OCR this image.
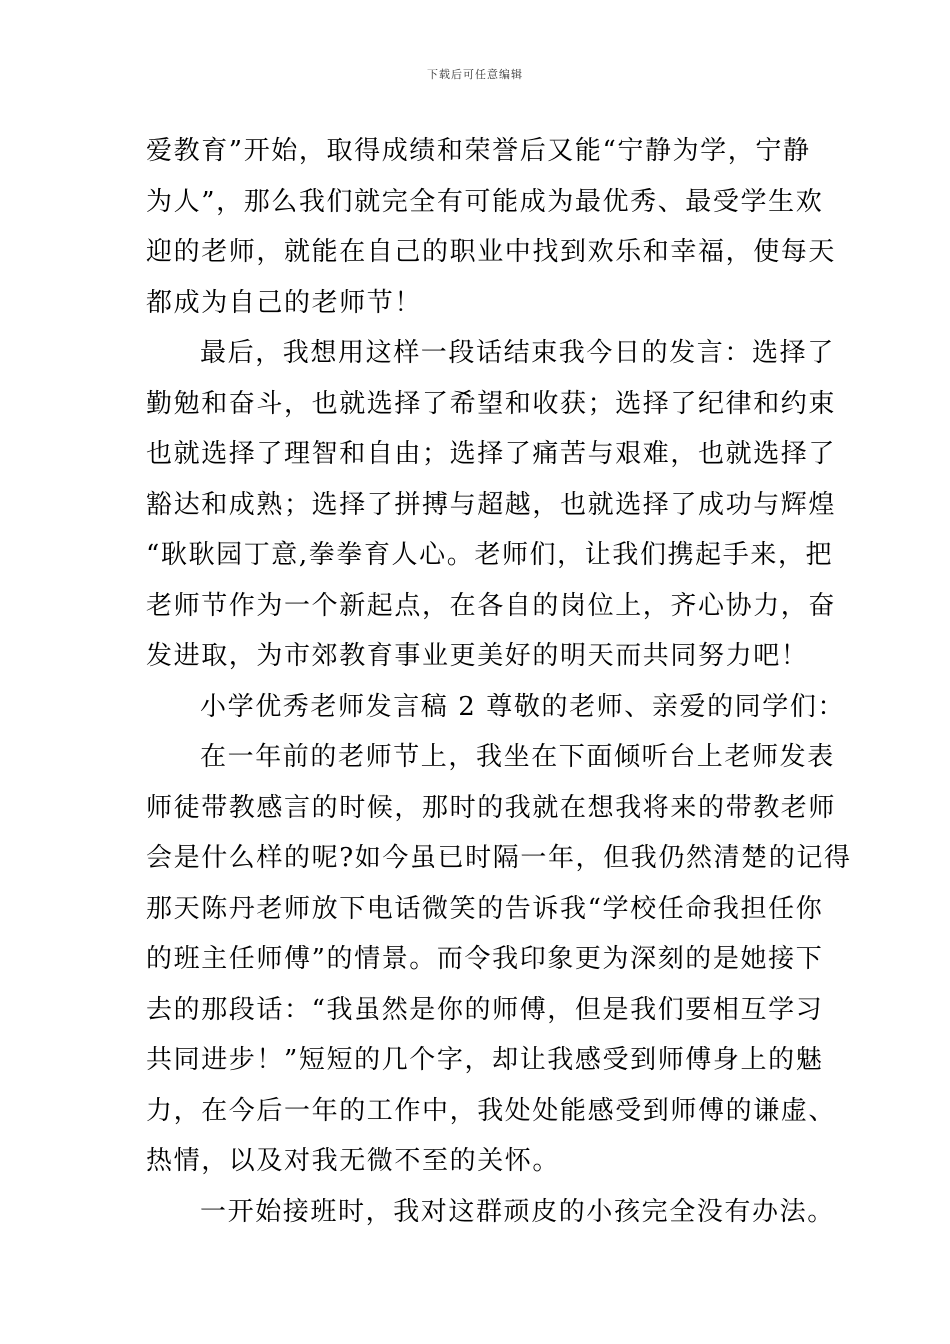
下载后可任意编辑
爱教育”开始，取得成绩和荣誉后又能“宁静为学，宁静
为人”，那么我们就完全有可能成为最优秀、最受学生欢
迎的老师，就能在自己的职业中找到欢乐和幸福，使每天
都成为自己的老师节！
最后，我想用这样一段话结束我今日的发言：选择了
勤勉和奋斗，也就选择了希望和收获；选择了纪律和约束
也就选择了理智和自由；选择了痛苦与艰难，也就选择了
豁达和成熟；选择了拼搏与超越，也就选择了成功与辉煌
“耿耿园丁意,拳拳育人心。老师们，让我们携起手来，把
老师节作为一个新起点，在各自的岗位上，齐心协力，奋
发进取，为市郊教育事业更美好的明天而共同努力吧！
小学优秀老师发言稿 2 尊敬的老师、亲爱的同学们：
在一年前的老师节上，我坐在下面倾听台上老师发表
师徒带教感言的时候，那时的我就在想我将来的带教老师
会是什么样的呢?如今虽已时隔一年，但我仍然清楚的记得
那天陈丹老师放下电话微笑的告诉我“学校任命我担任你
的班主任师傅”的情景。而令我印象更为深刻的是她接下
去的那段话：“我虽然是你的师傅，但是我们要相互学习
共同进步！”短短的几个字，却让我感受到师傅身上的魅
力，在今后一年的工作中，我处处能感受到师傅的谦虚、
热情，以及对我无微不至的关怀。
一开始接班时，我对这群顽皮的小孩完全没有办法。
